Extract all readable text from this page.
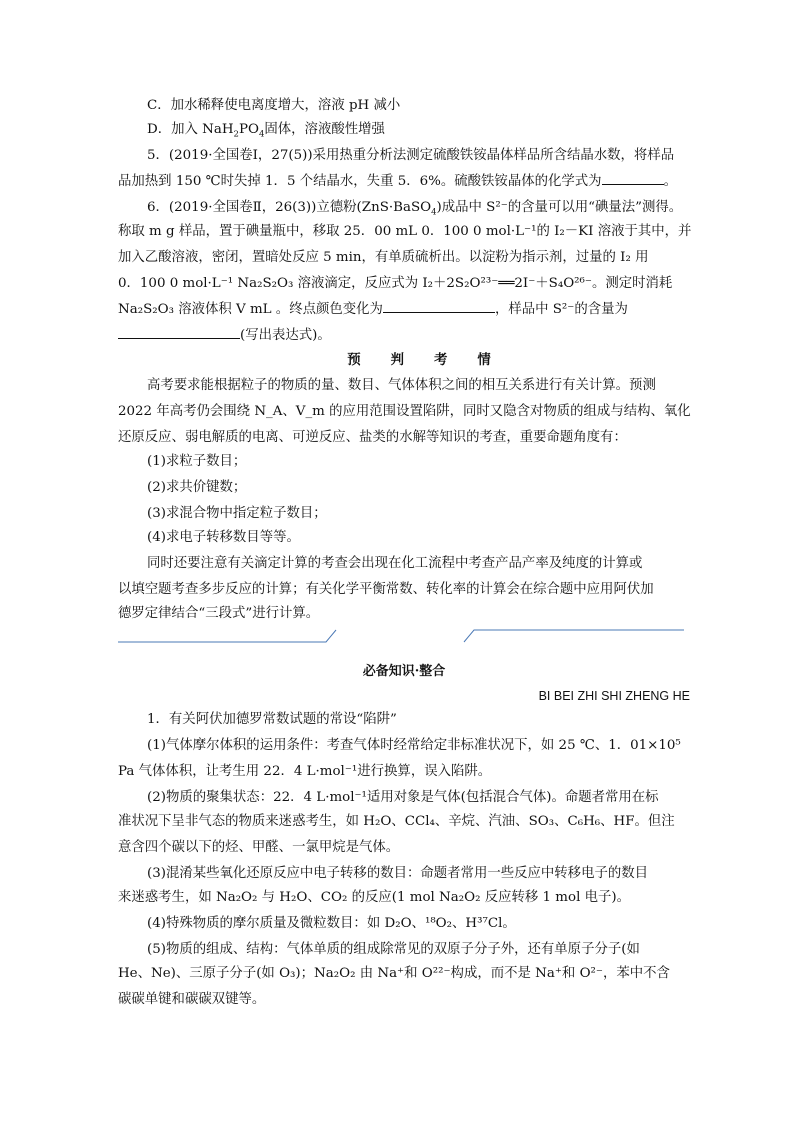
C．加水稀释使电离度增大，溶液 pH 减小
D．加入 $NaH_2PO_4$固体，溶液酸性增强
5．(2019·全国卷Ⅰ，27(5))采用热重分析法测定硫酸铁铵晶体样品所含结晶水数，将样品
品加热到 150 ℃时失掉 1．5 个结晶水，失重 5．6%。硫酸铁铵晶体的化学式为	。
6．(2019·全国卷Ⅱ，26(3))立德粉(ZnS·BaSO$_4$)成品中 S²⁻的含量可以用“碘量法”测得。
称取 m g 样品，置于碘量瓶中，移取 25．00 mL 0．100 0 mol·L⁻¹的 I₂－KI 溶液于其中，并
加入乙酸溶液，密闭，置暗处反应 5 min，有单质硫析出。以淀粉为指示剂，过量的 I₂ 用
0．100 0 mol·L⁻¹ Na₂S₂O₃ 溶液滴定，反应式为 I₂＋2S₂O²³⁻══2I⁻＋S₄O²⁶⁻。测定时消耗
Na₂S₂O₃ 溶液体积 V mL 。终点颜色变化为	，样品中 S²⁻的含量为
(写出表达式)。
预判考情
高考要求能根据粒子的物质的量、数目、气体体积之间的相互关系进行有关计算。预测
2022 年高考仍会围绕 N_A、V_m 的应用范围设置陷阱，同时又隐含对物质的组成与结构、氧化
还原反应、弱电解质的电离、可逆反应、盐类的水解等知识的考查，重要命题角度有：
(1)求粒子数目；
(2)求共价键数；
(3)求混合物中指定粒子数目；
(4)求电子转移数目等等。
同时还要注意有关滴定计算的考查会出现在化工流程中考查产品产率及纯度的计算或
以填空题考查多步反应的计算；有关化学平衡常数、转化率的计算会在综合题中应用阿伏加
德罗定律结合“三段式”进行计算。
必备知识·整合
BI BEI ZHI SHI ZHENG HE
1．有关阿伏加德罗常数试题的常设“陷阱”
(1)气体摩尔体积的运用条件：考查气体时经常给定非标准状况下，如 25 ℃、1．01×10⁵
Pa 气体体积，让考生用 22．4 L·mol⁻¹进行换算，误入陷阱。
(2)物质的聚集状态：22．4 L·mol⁻¹适用对象是气体(包括混合气体)。命题者常用在标
准状况下呈非气态的物质来迷惑考生，如 H₂O、CCl₄、辛烷、汽油、SO₃、C₆H₆、HF。但注
意含四个碳以下的烃、甲醛、一氯甲烷是气体。
(3)混淆某些氧化还原反应中电子转移的数目：命题者常用一些反应中转移电子的数目
来迷惑考生，如 Na₂O₂ 与 H₂O、CO₂ 的反应(1 mol Na₂O₂ 反应转移 1 mol 电子)。
(4)特殊物质的摩尔质量及微粒数目：如 D₂O、¹⁸O₂、H³⁷Cl。
(5)物质的组成、结构：气体单质的组成除常见的双原子分子外，还有单原子分子(如
He、Ne)、三原子分子(如 O₃)；Na₂O₂ 由 Na⁺和 O²²⁻构成，而不是 Na⁺和 O²⁻，苯中不含
碳碳单键和碳碳双键等。
